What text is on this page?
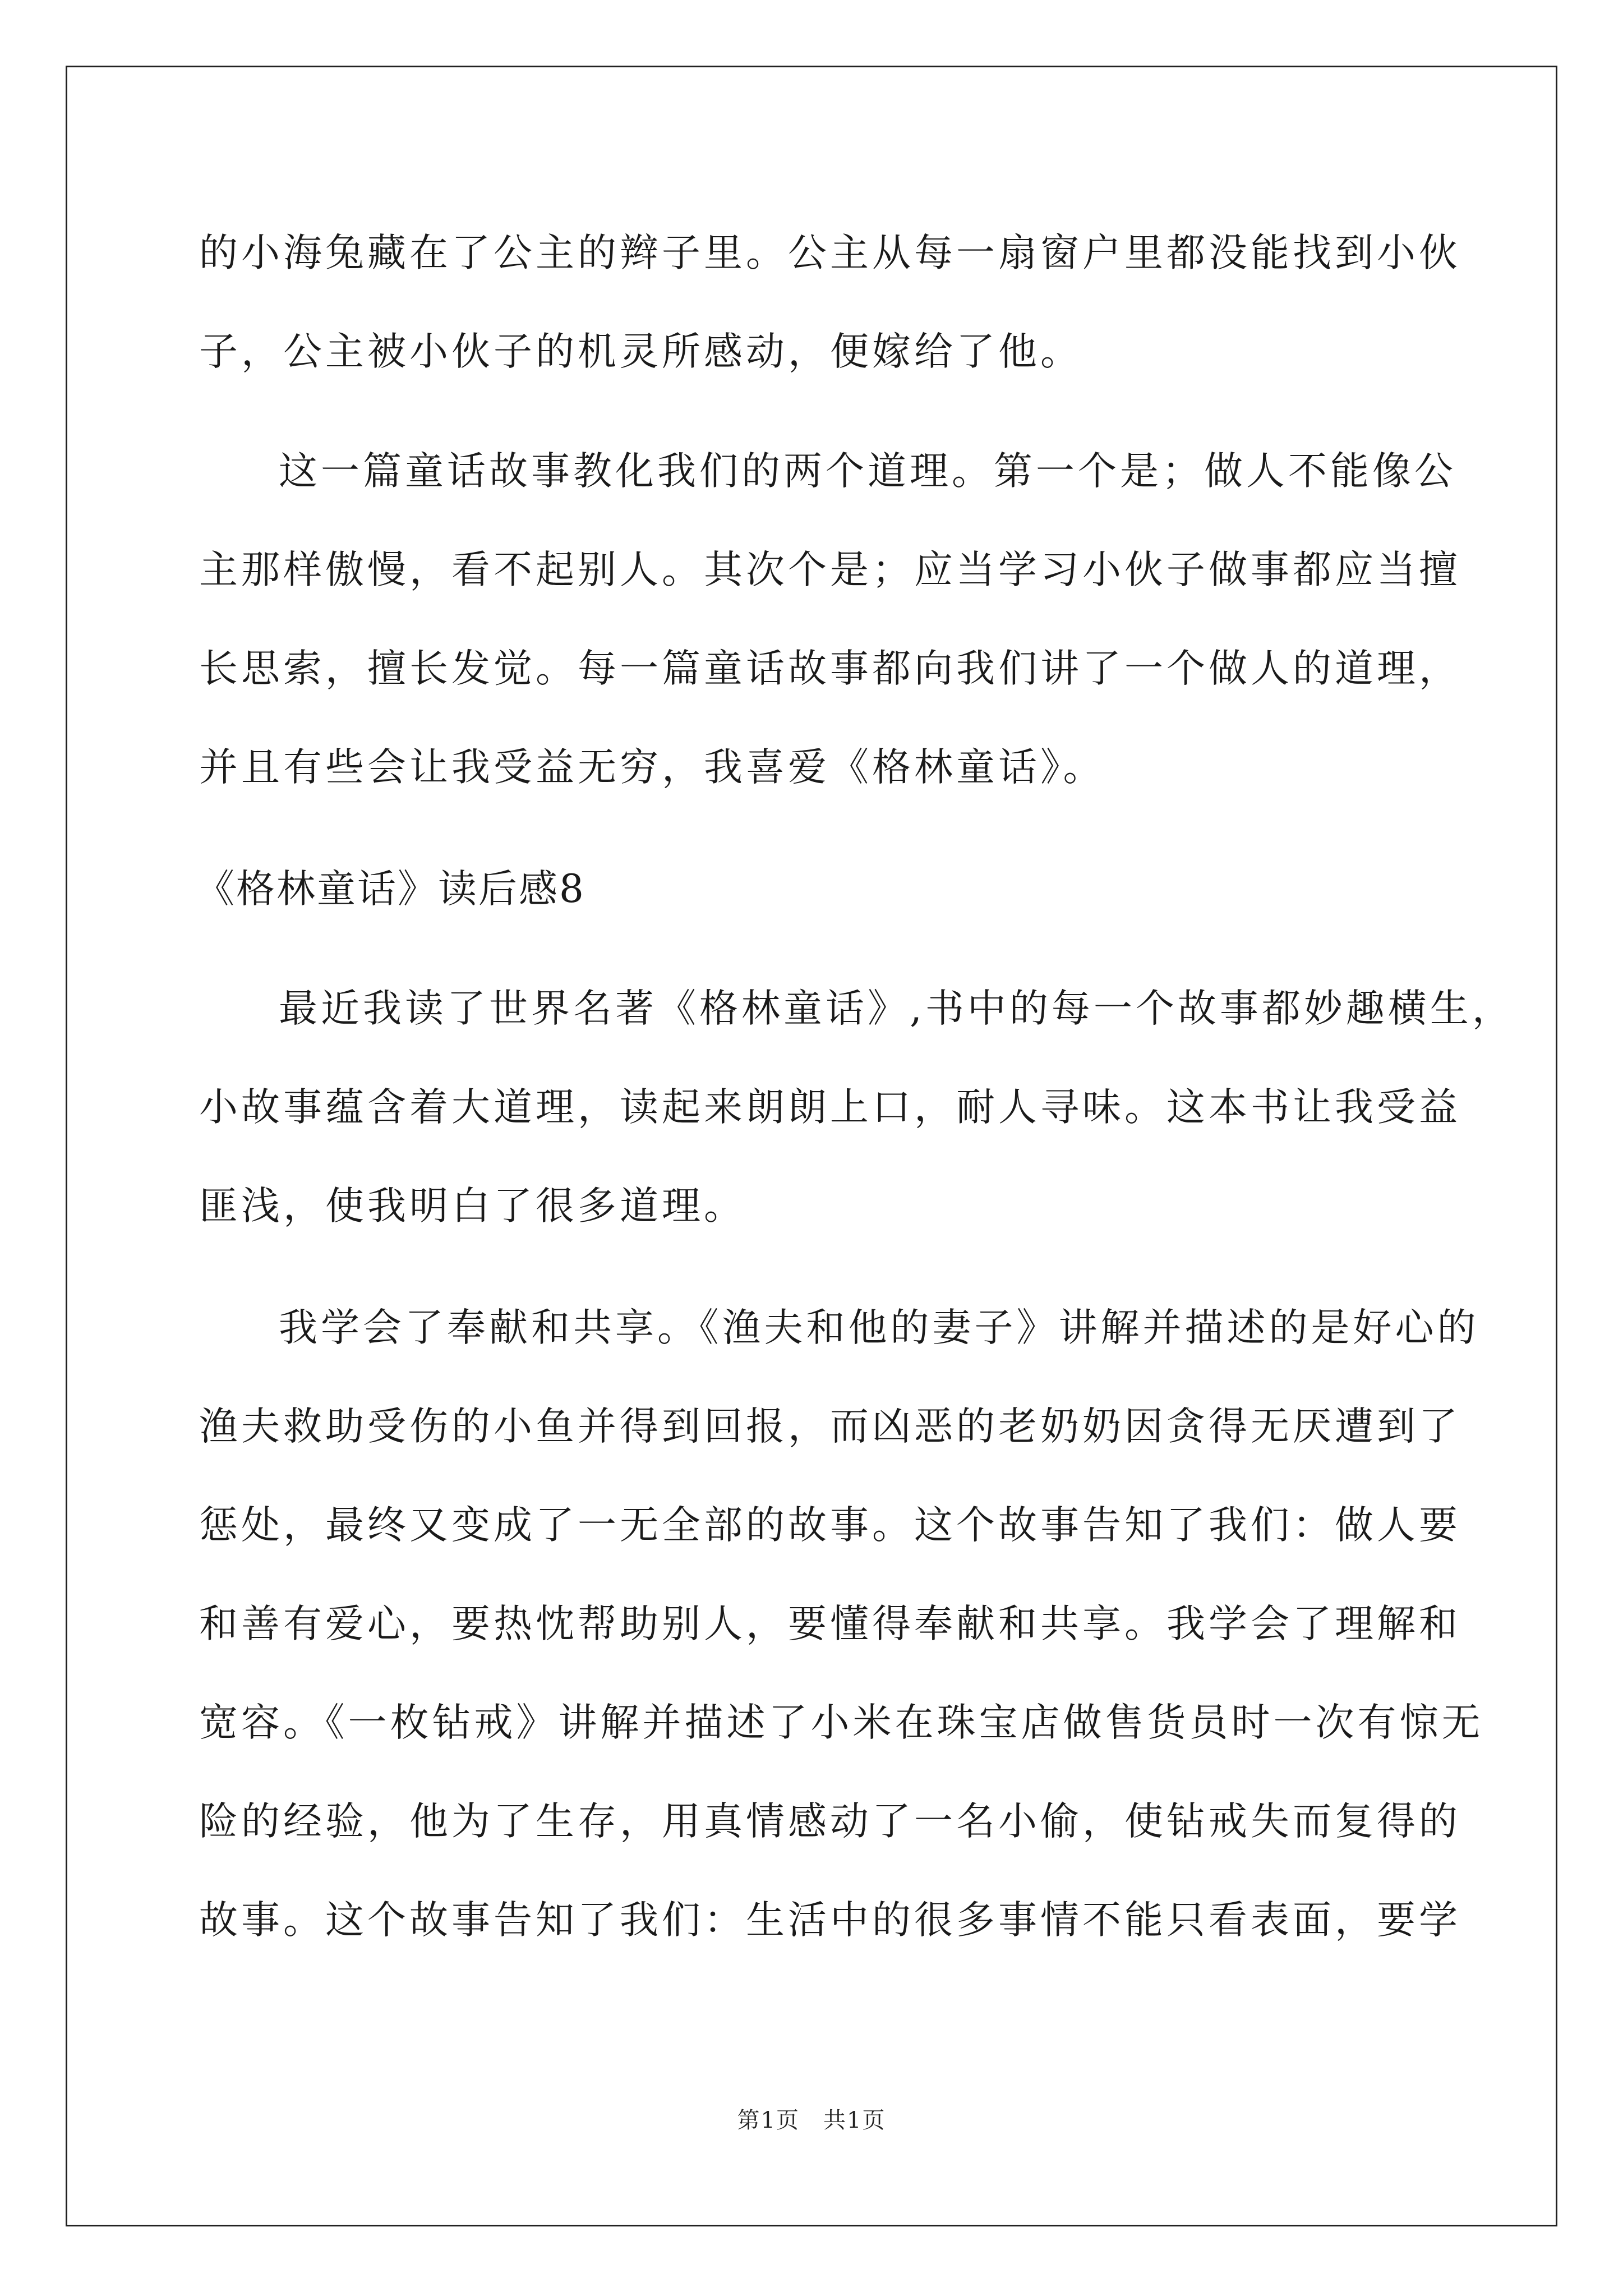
的小海兔藏在了公主的辫子里。公主从每一扇窗户里都没能找到小伙
子，公主被小伙子的机灵所感动，便嫁给了他。
这一篇童话故事教化我们的两个道理。第一个是；做人不能像公
主那样傲慢，看不起别人。其次个是；应当学习小伙子做事都应当擅
长思索，擅长发觉。每一篇童话故事都向我们讲了一个做人的道理，
并且有些会让我受益无穷，我喜爱《格林童话》。
《格林童话》读后感8
最近我读了世界名著《格林童话》,书中的每一个故事都妙趣横生，
小故事蕴含着大道理，读起来朗朗上口，耐人寻味。这本书让我受益
匪浅，使我明白了很多道理。
我学会了奉献和共享。《渔夫和他的妻子》讲解并描述的是好心的
渔夫救助受伤的小鱼并得到回报，而凶恶的老奶奶因贪得无厌遭到了
惩处，最终又变成了一无全部的故事。这个故事告知了我们：做人要
和善有爱心，要热忱帮助别人，要懂得奉献和共享。我学会了理解和
宽容。《一枚钻戒》讲解并描述了小米在珠宝店做售货员时一次有惊无
险的经验，他为了生存，用真情感动了一名小偷，使钻戒失而复得的
故事。这个故事告知了我们：生活中的很多事情不能只看表面，要学
第1页　共1页
